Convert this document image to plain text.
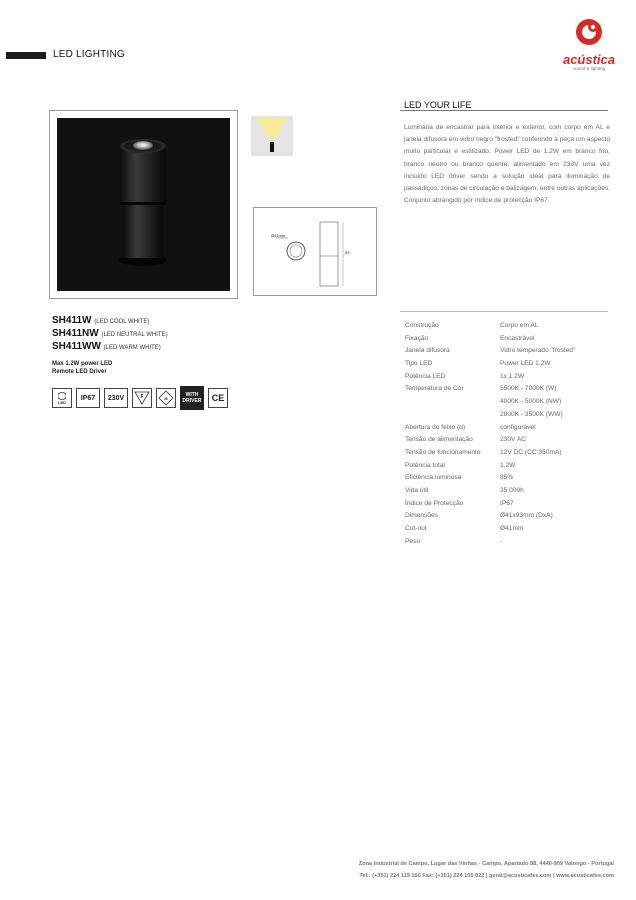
LED LIGHTING	acústica
sound & lighting
Ø41mm
93
LED YOUR LIFE
Luminária de encastrar para interior e exterior, com corpo em AL e janela difusora em vidro negro "frosted" conferindo à peça um aspecto muito particular e estilizado. Power LED de 1.2W em branco frio, branco neutro ou branco quente, alimentado em 230V uma vez incluido LED driver sendo a solução ideal para iluminação de passadiços, zonas de circulação e balizagem, entre outras aplicações. Conjunto abrangido por índice de protecção IP67.
SH411W (LED COOL WHITE)
SH411NW (LED NEUTRAL WHITE)
SH411WW (LED WARM WHITE)
Max 1.2W power LED
Remote LED Driver
LED
IP67	230V	F	III	WITH
DRIVER	CE
Construção	Corpo em AL
Fixação	Encastrável
Janela difusora	Vidro temperado "frosted"
Tipo LED	Power LED 1.2W
Potência LED	1x 1.2W
Temperatura de Cor	5500K - 7000K (W)
4000K - 5000K (NW)
2800K - 3500K (WW)
Abertura do feixe (α)	configurável
Tensão de alimentação	230V AC
Tensão de funcionamento	12V DC (CC 350mA)
Potência total	1,2W
Eficiência luminosa	85%
Vida útil	35.000h
Índice de Protecção	IP67
Dimensões	Ø41x93mm (DxA)
Cut-out	Ø41mm
Peso	-
Zona Industrial de Campo, Lugar das Vinhas - Campo, Apartado 88, 4440-909 Valongo - Portugal
Tel.: (+351) 224 119 160 Fax: (+351) 224 155 822 | geral@acusticafes.com | www.acusticafes.com
